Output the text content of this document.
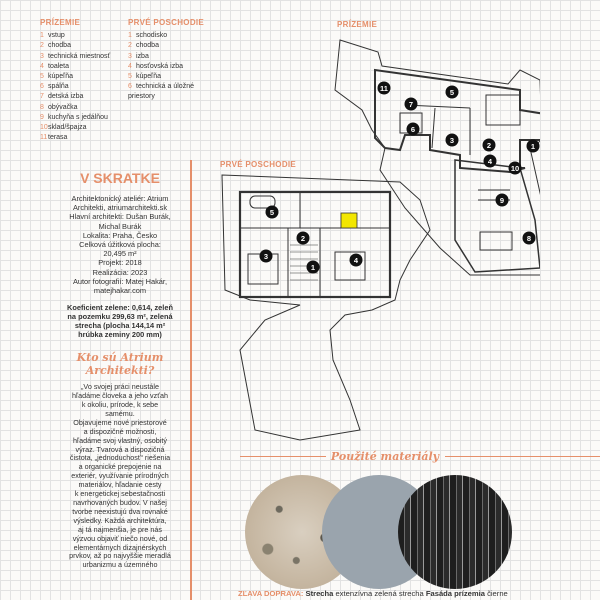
PRÍZEMIE
1 vstup
2 chodba
3 technická miestnosť
4 toaleta
5 kúpeľňa
6 spálňa
7 detská izba
8 obývačka
9 kuchyňa s jedálňou
10sklad/špajza
11terasa
PRVÉ POSCHODIE
1 schodisko
2 chodba
3 izba
4 hosťovská izba
5 kúpeľňa
6 technická a úložné priestory
PRÍZEMIE
PRVÉ POSCHODIE
11
7
5
6
3
2	1
4
10
9
8
5
2
3
1
4
V SKRATKE
Architektonický ateliér: Atrium
Architekti, atriumarchitekti.sk
Hlavní architekti: Dušan Burák,
Michal Burák
Lokalita: Praha, Česko
Celková úžitková plocha:
20,495 m²
Projekt: 2018
Realizácia: 2023
Autor fotografií: Matej Hakár,
matejhakar.com
Koeficient zelene: 0,614, zeleň
na pozemku 299,63 m², zelená
strecha (plocha 144,14 m²
hrúbka zeminy 200 mm)
Kto sú Atrium
Architekti?
„Vo svojej práci neustále
hľadáme človeka a jeho vzťah
k okoliu, prírode, k sebe
samému.
Objavujeme nové priestorové
a dispozičné možnosti,
hľadáme svoj vlastný, osobitý
výraz. Tvarová a dispozičná
čistota, „jednoduchosť“ riešenia
a organické prepojenie na
exteriér, využívanie prírodných
materiálov, hľadanie cesty
k energetickej sebestačnosti
navrhovaných budov. V našej
tvorbe neexistujú dva rovnaké
výsledky. Každá architektúra,
aj tá najmenšia, je pre nás
výzvou objaviť niečo nové, od
elementárnych dizajnérskych
prvkov, až po najvyššie meradlá
urbanizmu a územného
Použité materiály
ZĽAVA DOPRAVA: Strecha extenzívna zelená strecha Fasáda prízemia čierne
